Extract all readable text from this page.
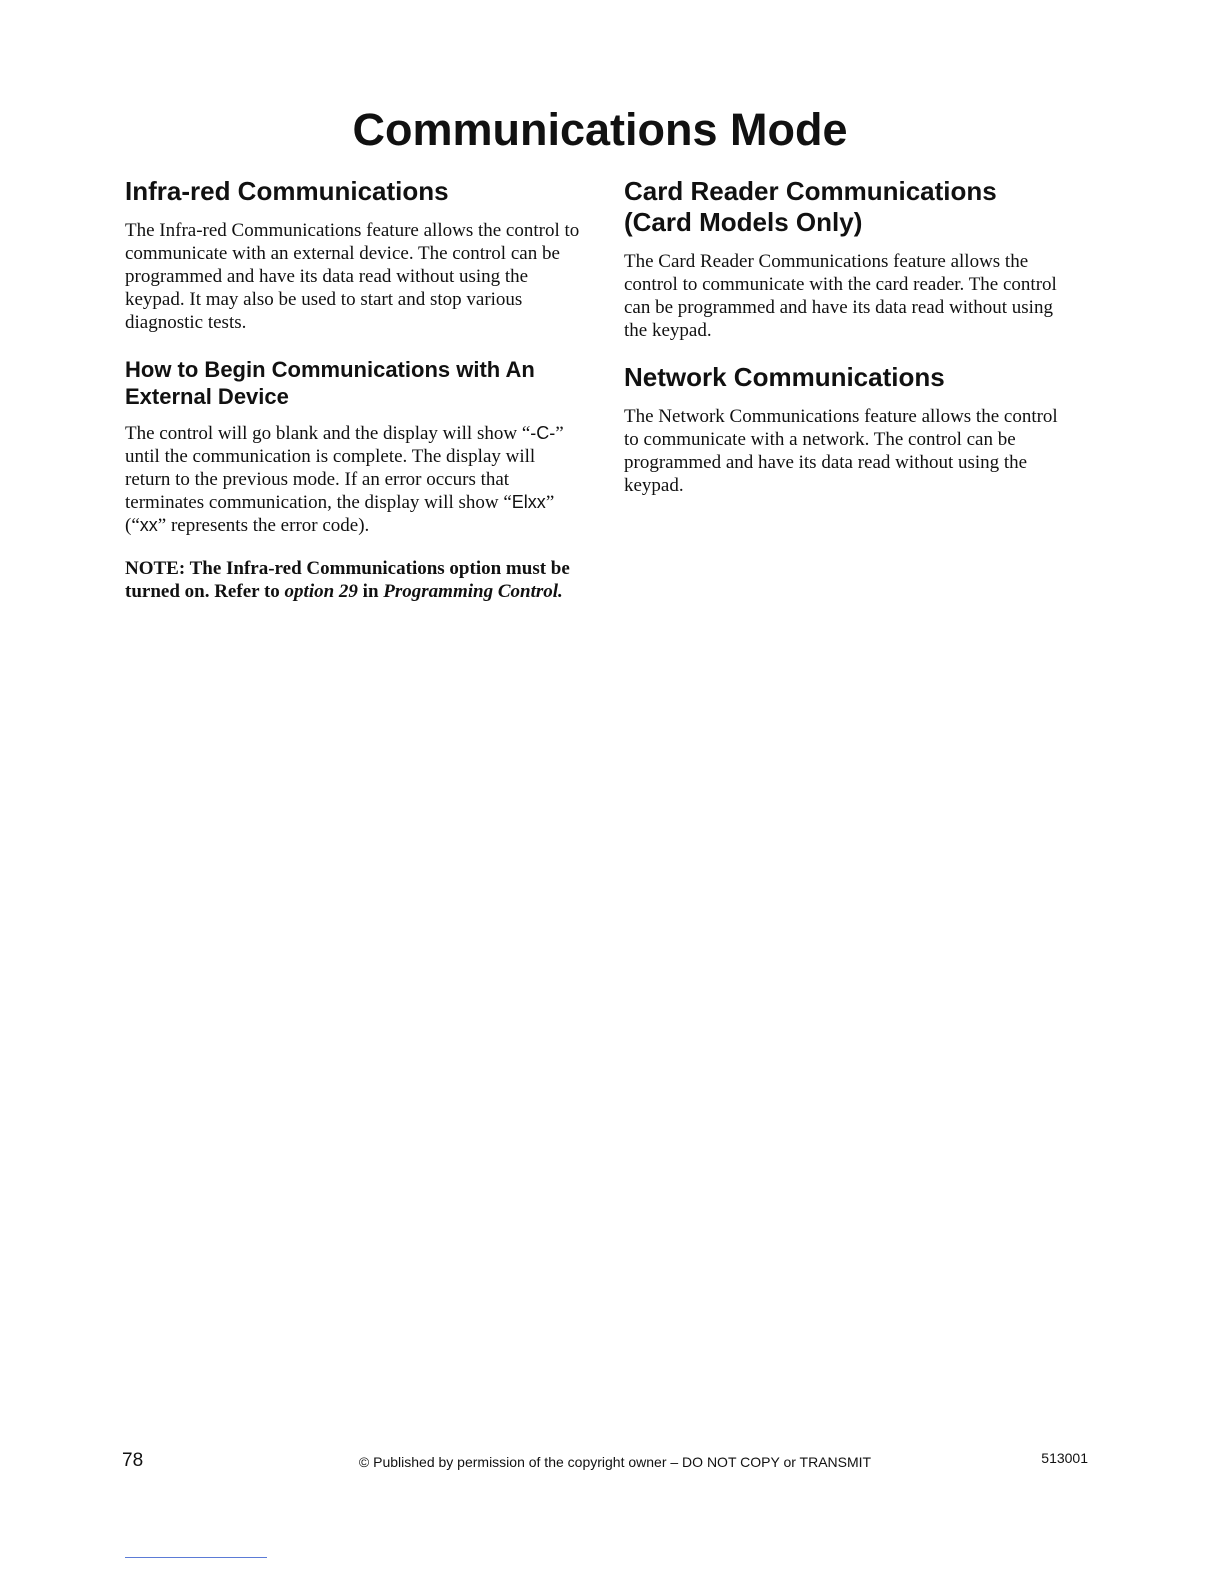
Communications Mode
Infra-red Communications

The Infra-red Communications feature allows the control to communicate with an external device. The control can be programmed and have its data read without using the keypad. It may also be used to start and stop various diagnostic tests.

How to Begin Communications with An External Device

The control will go blank and the display will show “-C-” until the communication is complete. The display will return to the previous mode. If an error occurs that terminates communication, the display will show “Elxx” (“xx” represents the error code).

NOTE: The Infra-red Communications option must be turned on. Refer to option 29 in Programming Control.

Card Reader Communications
(Card Models Only)

The Card Reader Communications feature allows the control to communicate with the card reader. The control can be programmed and have its data read without using the keypad.

Network Communications

The Network Communications feature allows the control to communicate with a network. The control can be programmed and have its data read without using the keypad.

78	© Published by permission of the copyright owner – DO NOT COPY or TRANSMIT	513001
